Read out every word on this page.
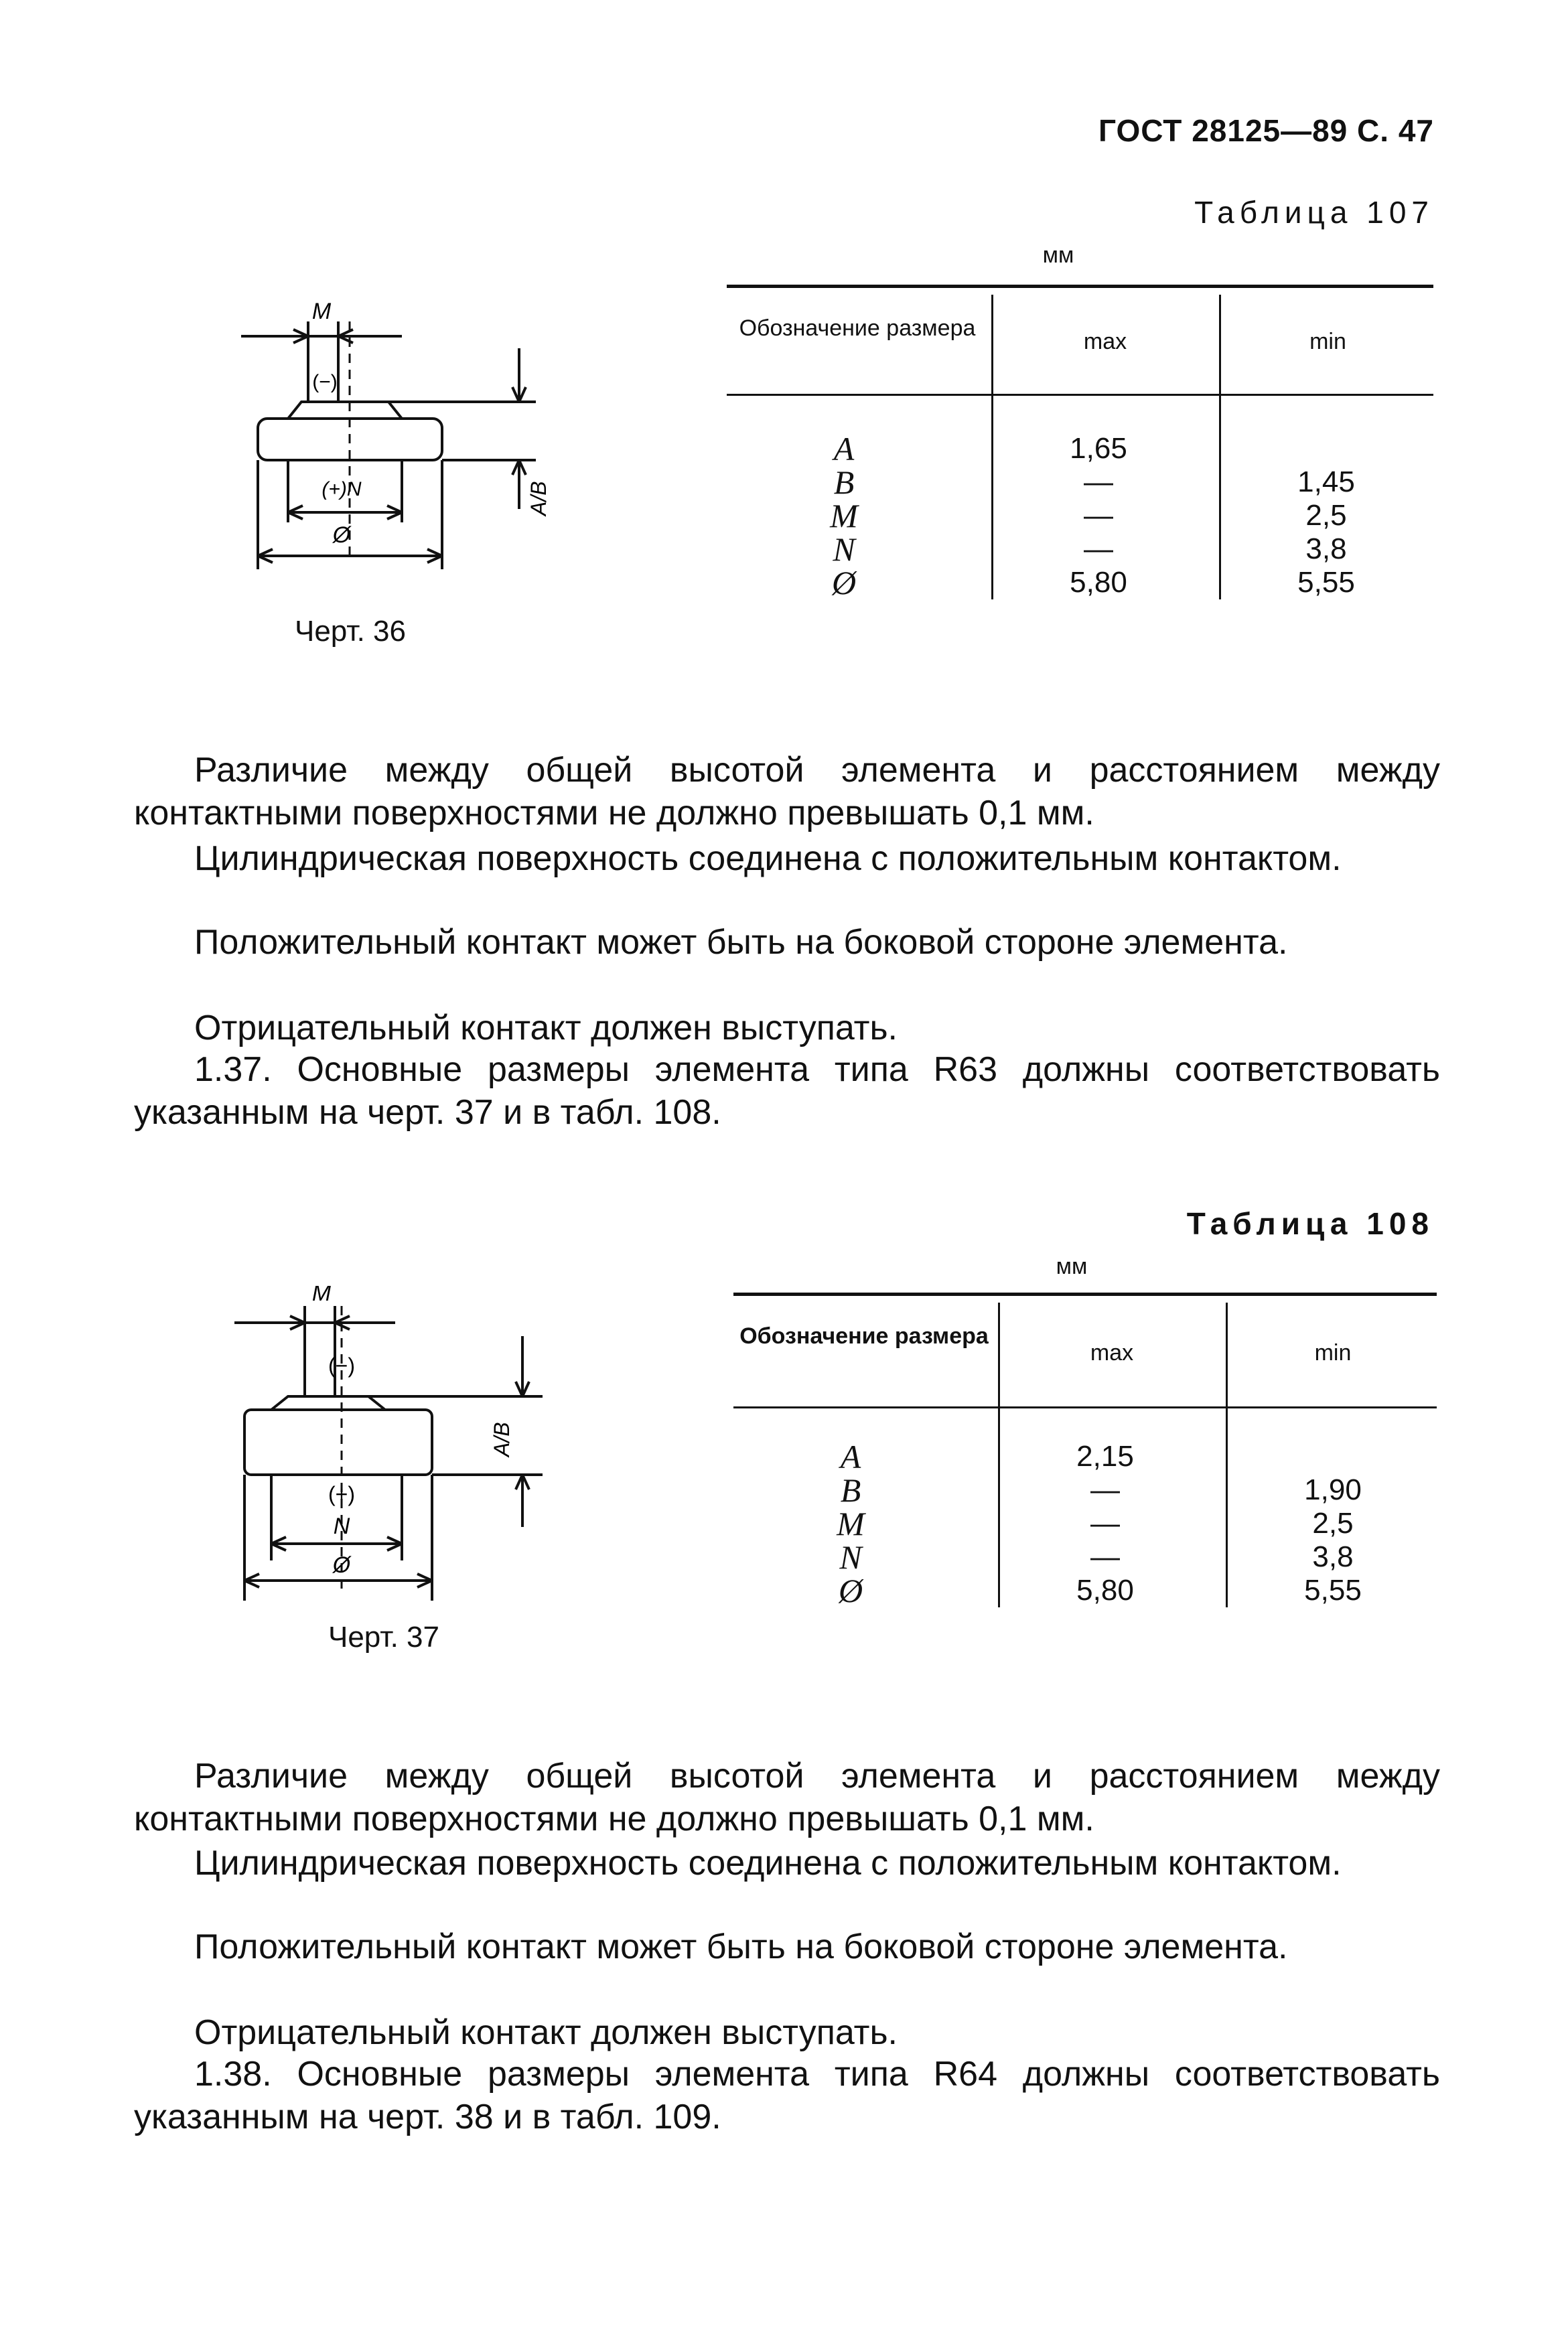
ГОСТ 28125—89 С. 47
M
(−)
(+)N
Ø
A/B
Черт. 36
Таблица 107
мм
Обозначение размера
max	min
A	1,65
B	—	1,45
M	—	2,5
N	—	3,8
Ø	5,80	5,55
Различие между общей высотой элемента и расстоянием между контактными поверхностями не должно превышать 0,1 мм.
Цилиндрическая поверхность соединена с положительным контактом.
Положительный контакт может быть на боковой стороне элемента.
Отрицательный контакт должен выступать.
1.37. Основные размеры элемента типа R63 должны соответствовать указанным на черт. 37 и в табл. 108.
M
(−)
(+)
N
Ø
A/B
Черт. 37
Таблица 108
мм
Обозначение размера
max	min
A	2,15
B	—	1,90
M	—	2,5
N	—	3,8
Ø	5,80	5,55
Различие между общей высотой элемента и расстоянием между контактными поверхностями не должно превышать 0,1 мм.
Цилиндрическая поверхность соединена с положительным контактом.
Положительный контакт может быть на боковой стороне элемента.
Отрицательный контакт должен выступать.
1.38. Основные размеры элемента типа R64 должны соответствовать указанным на черт. 38 и в табл. 109.
